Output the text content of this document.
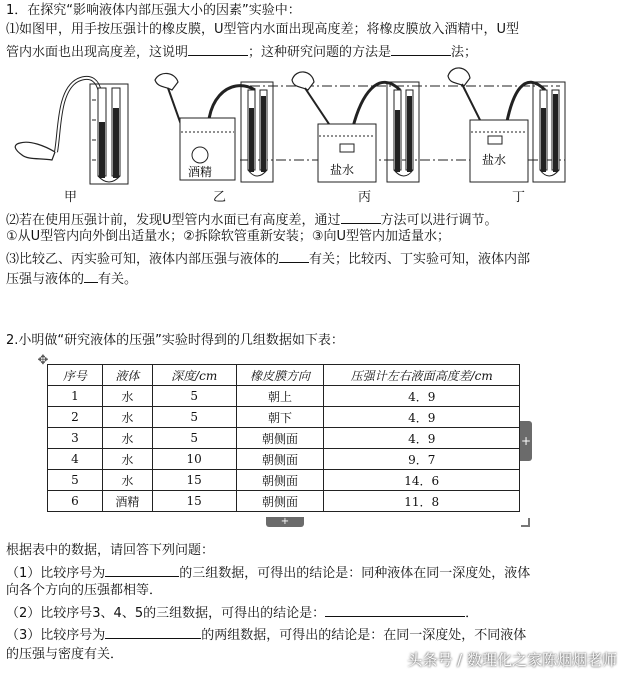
1．在探究“影响液体内部压强大小的因素”实验中：
⑴如图甲，用手按压强计的橡皮膜，U型管内水面出现高度差；将橡皮膜放入酒精中，U型
管内水面也出现高度差，这说明	；这种研究问题的方法是	法；
酒精	盐水
盐水
甲	乙	丙	丁
⑵若在使用压强计前，发现U型管内水面已有高度差，通过	方法可以进行调节。
①从U型管内向外倒出适量水；②拆除软管重新安装；③向U型管内加适量水；
⑶比较乙、丙实验可知，液体内部压强与液体的 有关；比较丙、丁实验可知，液体内部
压强与液体的 有关。
2.小明做“研究液体的压强”实验时得到的几组数据如下表：
✥
序号	液体	深度/cm	橡皮膜方向	压强计左右液面高度差/cm
1	水	5	朝上	4．9
2	水	5	朝下	4．9
3	水	5	朝侧面	4．9
4	水	10	朝侧面	9．7
5	水	15	朝侧面	14．6
6	酒精	15	朝侧面	11．8
+
+
根据表中的数据，请回答下列问题：
（1）比较序号为	的三组数据，可得出的结论是：同种液体在同一深度处，液体
向各个方向的压强都相等．
（2）比较序号3、4、5的三组数据，可得出的结论是：	．
（3）比较序号为	的两组数据，可得出的结论是：在同一深度处，不同液体
的压强与密度有关．	头条号 / 数理化之家陈烟烟老师
